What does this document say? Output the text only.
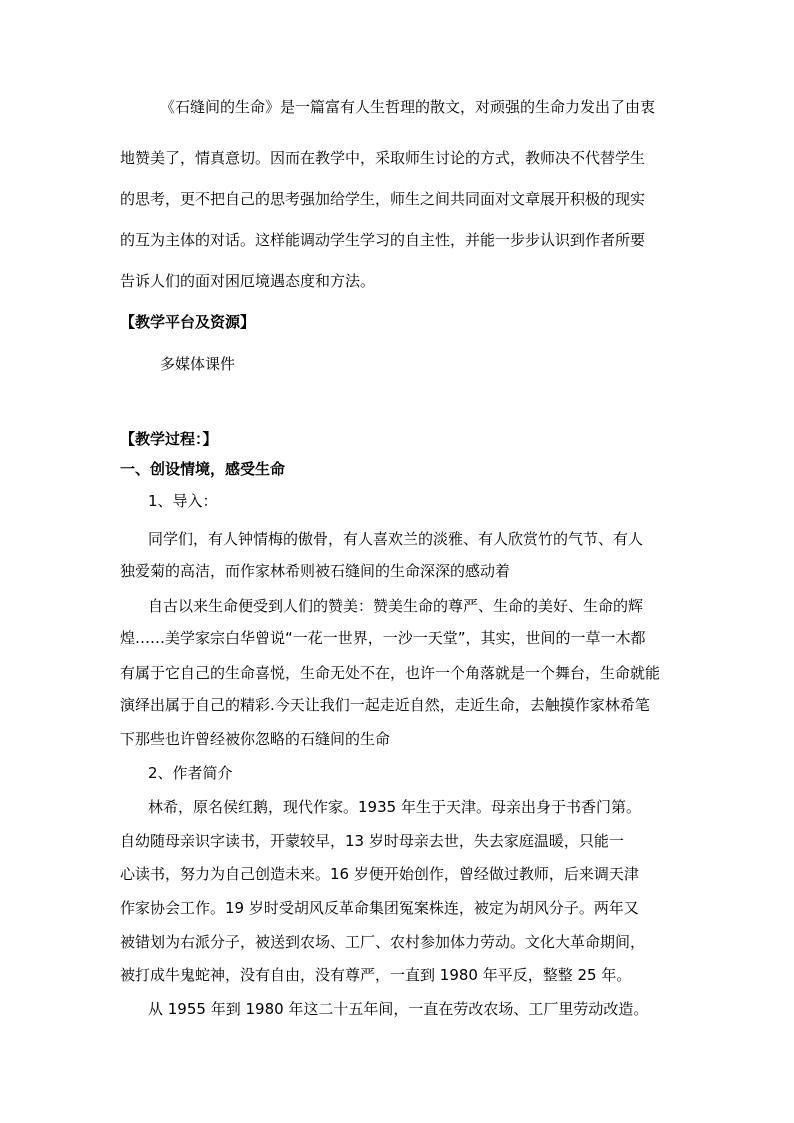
《石缝间的生命》是一篇富有人生哲理的散文，对顽强的生命力发出了由衷
地赞美了，情真意切。因而在教学中，采取师生讨论的方式，教师决不代替学生
的思考，更不把自己的思考强加给学生，师生之间共同面对文章展开积极的现实
的互为主体的对话。这样能调动学生学习的自主性，并能一步步认识到作者所要
告诉人们的面对困厄境遇态度和方法。
【教学平台及资源】
多媒体课件
【教学过程：】
一、创设情境，感受生命
1、导入：
同学们，有人钟情梅的傲骨，有人喜欢兰的淡雅、有人欣赏竹的气节、有人
独爱菊的高洁，而作家林希则被石缝间的生命深深的感动着
自古以来生命便受到人们的赞美：赞美生命的尊严、生命的美好、生命的辉
煌……美学家宗白华曾说“一花一世界，一沙一天堂”，其实，世间的一草一木都
有属于它自己的生命喜悦，生命无处不在，也许一个角落就是一个舞台，生命就能
演绎出属于自己的精彩.今天让我们一起走近自然，走近生命，去触摸作家林希笔
下那些也许曾经被你忽略的石缝间的生命
2、作者简介
林希，原名侯红鹅，现代作家。1935 年生于天津。母亲出身于书香门第。
自幼随母亲识字读书，开蒙较早，13 岁时母亲去世，失去家庭温暖，只能一
心读书，努力为自己创造未来。16 岁便开始创作，曾经做过教师，后来调天津
作家协会工作。19 岁时受胡风反革命集团冤案株连，被定为胡风分子。两年又
被错划为右派分子，被送到农场、工厂、农村参加体力劳动。文化大革命期间，
被打成牛鬼蛇神，没有自由，没有尊严，一直到 1980 年平反，整整 25 年。
从 1955 年到 1980 年这二十五年间，一直在劳改农场、工厂里劳动改造。
